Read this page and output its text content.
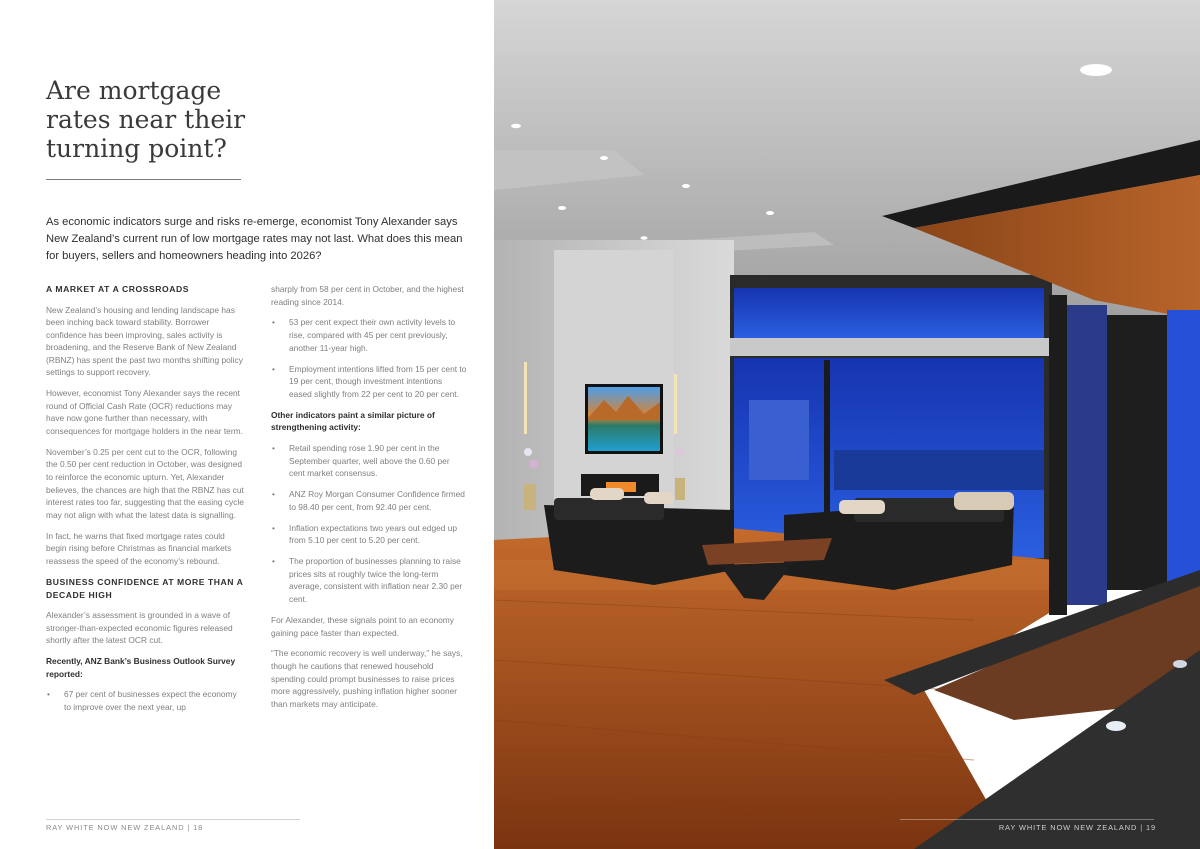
Are mortgage
rates near their
turning point?

As economic indicators surge and risks re-emerge, economist Tony Alexander says New Zealand’s current run of low mortgage rates may not last. What does this mean for buyers, sellers and homeowners heading into 2026?

A MARKET AT A CROSSROADS

New Zealand’s housing and lending landscape has been inching back toward stability. Borrower confidence has been improving, sales activity is broadening, and the Reserve Bank of New Zealand (RBNZ) has spent the past two months shifting policy settings to support recovery.

However, economist Tony Alexander says the recent round of Official Cash Rate (OCR) reductions may have now gone further than necessary, with consequences for mortgage holders in the near term.

November’s 0.25 per cent cut to the OCR, following the 0.50 per cent reduction in October, was designed to reinforce the economic upturn. Yet, Alexander believes, the chances are high that the RBNZ has cut interest rates too far, suggesting that the easing cycle may not align with what the latest data is signalling.

In fact, he warns that fixed mortgage rates could begin rising before Christmas as financial markets reassess the speed of the economy’s rebound.

BUSINESS CONFIDENCE AT MORE THAN A DECADE HIGH

Alexander’s assessment is grounded in a wave of stronger-than-expected economic figures released shortly after the latest OCR cut.

Recently, ANZ Bank’s Business Outlook Survey reported:
• 67 per cent of businesses expect the economy to improve over the next year, up

sharply from 58 per cent in October, and the highest reading since 2014.

• 53 per cent expect their own activity levels to rise, compared with 45 per cent previously, another 11-year high.
• Employment intentions lifted from 15 per cent to 19 per cent, though investment intentions eased slightly from 22 per cent to 20 per cent.
Other indicators paint a similar picture of strengthening activity:
• Retail spending rose 1.90 per cent in the September quarter, well above the 0.60 per cent market consensus.
• ANZ Roy Morgan Consumer Confidence firmed to 98.40 per cent, from 92.40 per cent.
• Inflation expectations two years out edged up from 5.10 per cent to 5.20 per cent.
• The proportion of businesses planning to raise prices sits at roughly twice the long-term average, consistent with inflation near 2.30 per cent.

For Alexander, these signals point to an economy gaining pace faster than expected.

“The economic recovery is well underway,” he says, though he cautions that renewed household spending could prompt businesses to raise prices more aggressively, pushing inflation higher sooner than markets may anticipate.

RAY WHITE NOW NEW ZEALAND | 18	RAY WHITE NOW NEW ZEALAND | 19
